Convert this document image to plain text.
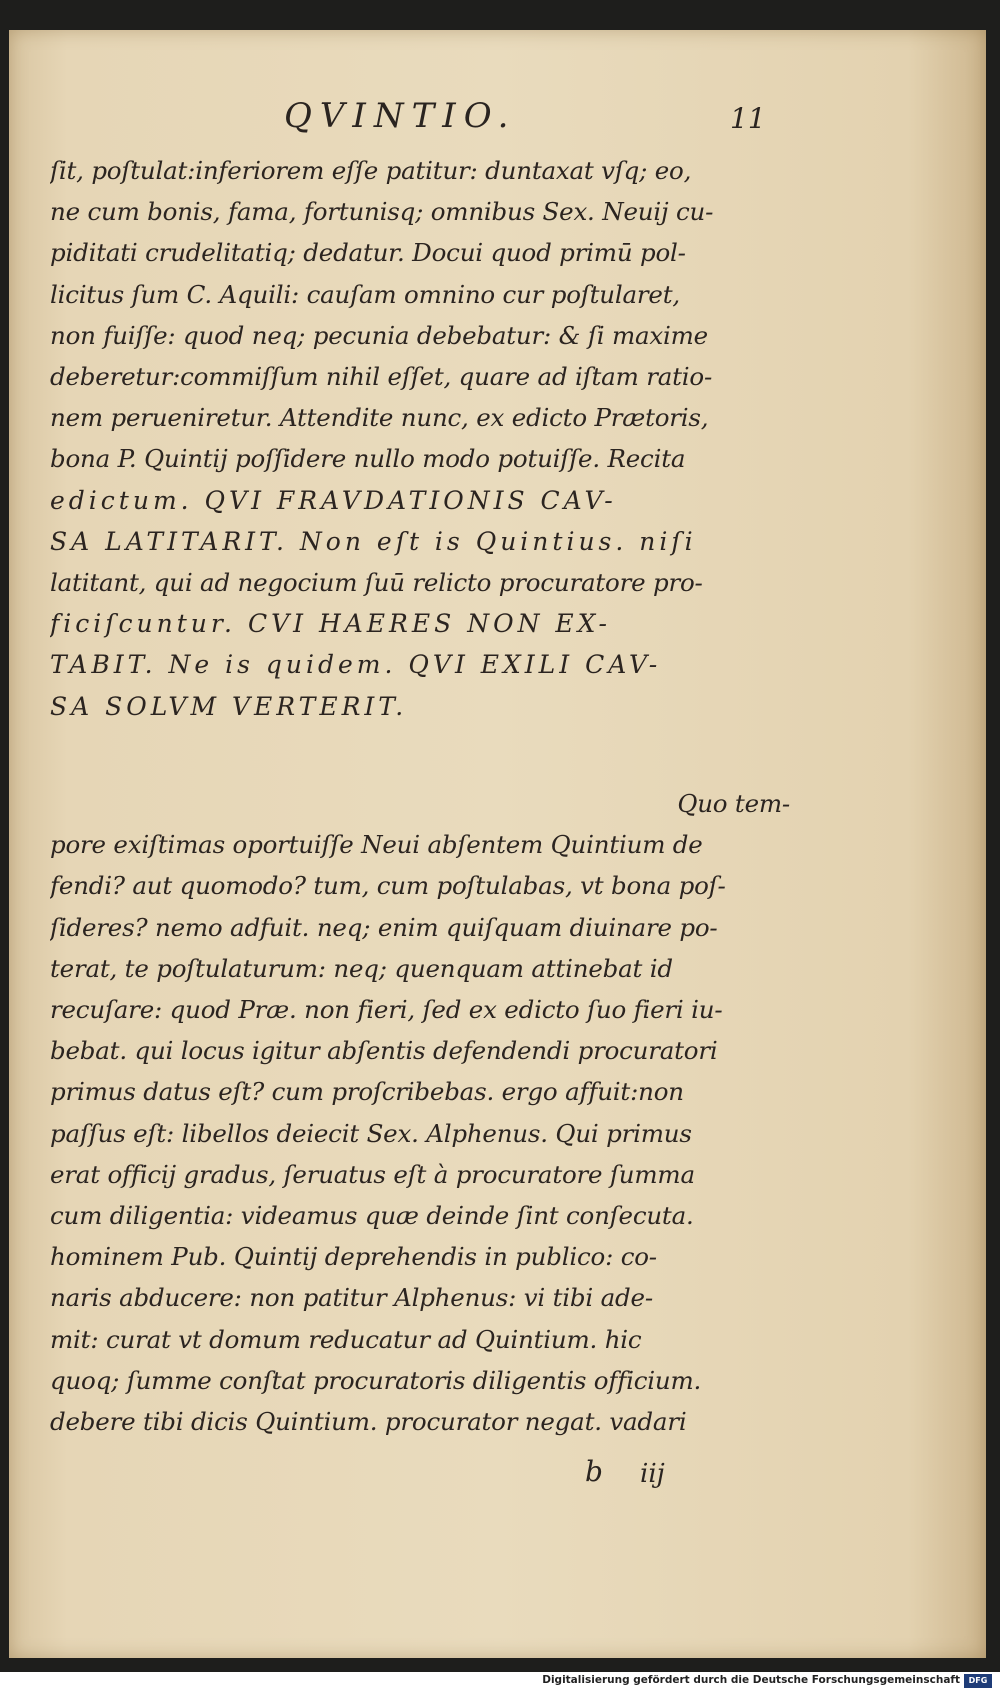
QVINTIO.	11
ſit, poſtulat:inferiorem eſſe patitur: duntaxat vſq; eo,
ne cum bonis, fama, fortunisq; omnibus Sex. Neuij cu-
piditati crudelitatiq; dedatur. Docui quod primū pol-
licitus ſum C. Aquili: cauſam omnino cur poſtularet,
non fuiſſe: quod neq; pecunia debebatur: & ſi maxime
deberetur:commiſſum nihil eſſet, quare ad iſtam ratio-
nem perueniretur. Attendite nunc, ex edicto Prætoris,
bona P. Quintij poſſidere nullo modo potuiſſe. Recita
edictum. QVI FRAVDATIONIS CAV-
SA LATITARIT. Non eſt is Quintius. niſi
latitant, qui ad negocium ſuū relicto procuratore pro-
ficiſcuntur. CVI HAERES NON EX-
TABIT. Ne is quidem. QVI EXILI CAV-
SA SOLVM VERTERIT.
Quo tem-
pore exiſtimas oportuiſſe Neui abſentem Quintium de
fendi? aut quomodo? tum, cum poſtulabas, vt bona poſ-
ſideres? nemo adfuit. neq; enim quiſquam diuinare po-
terat, te poſtulaturum: neq; quenquam attinebat id
recuſare: quod Præ. non fieri, ſed ex edicto ſuo fieri iu-
bebat. qui locus igitur abſentis defendendi procuratori
primus datus eſt? cum proſcribebas. ergo affuit:non
paſſus eſt: libellos deiecit Sex. Alphenus. Qui primus
erat officij gradus, ſeruatus eſt à procuratore ſumma
cum diligentia: videamus quæ deinde ſint conſecuta.
hominem Pub. Quintij deprehendis in publico: co-
naris abducere: non patitur Alphenus: vi tibi ade-
mit: curat vt domum reducatur ad Quintium. hic
quoq; ſumme conſtat procuratoris diligentis officium.
debere tibi dicis Quintium. procurator negat. vadari
b iij
Digitalisierung gefördert durch die Deutsche Forschungsgemeinschaft	DFG
